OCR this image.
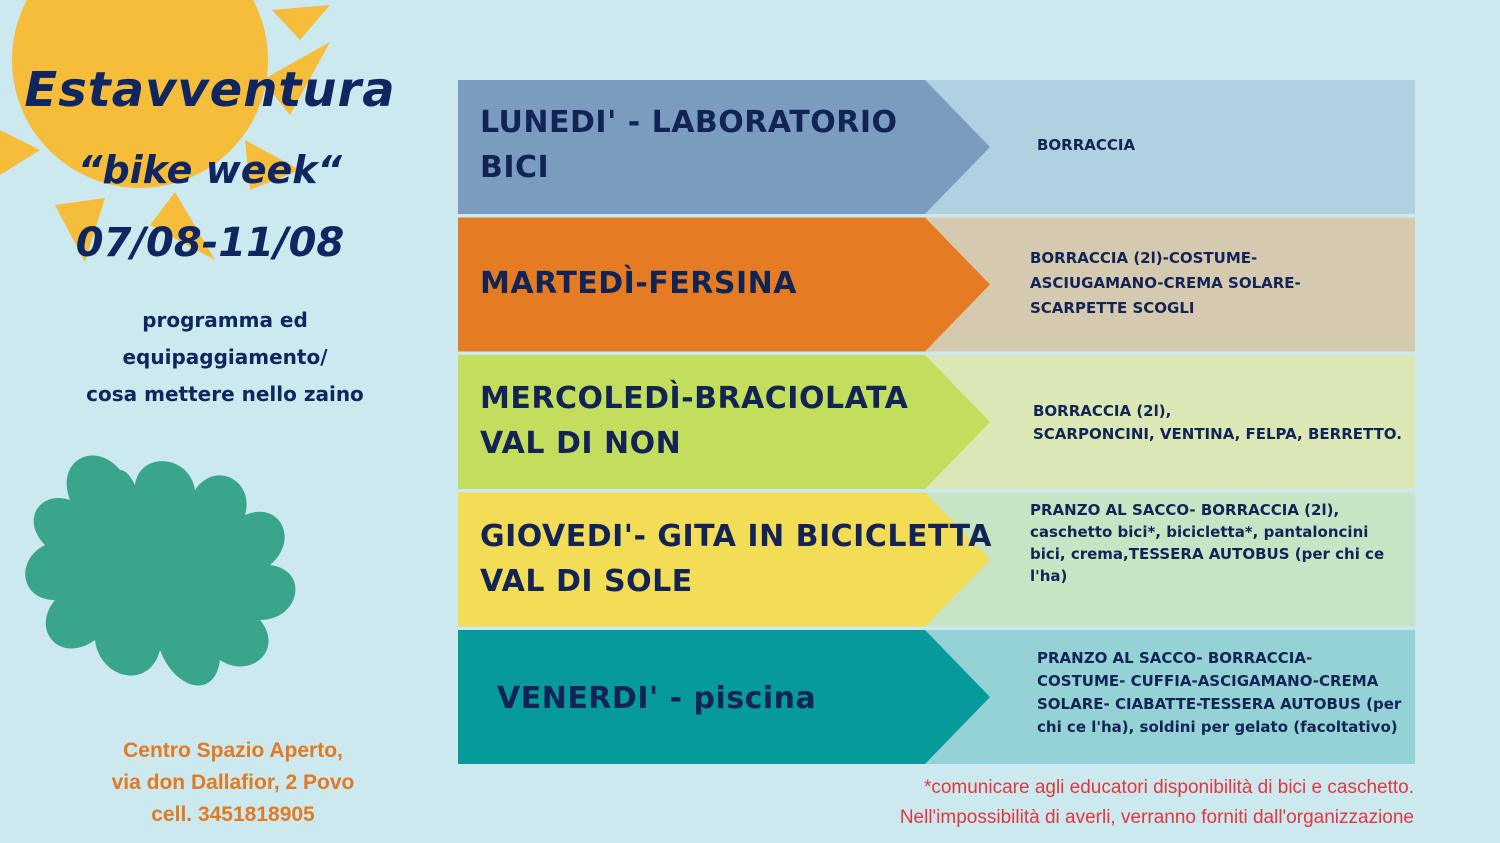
Estavventura
“bike week“
07/08-11/08
programma ed
equipaggiamento/
cosa mettere nello zaino
Centro Spazio Aperto,
via don Dallafior, 2 Povo
cell. 3451818905
LUNEDI' - LABORATORIO
BICI
MARTEDÌ-FERSINA
MERCOLEDÌ-BRACIOLATA
VAL DI NON
GIOVEDI'- GITA IN BICICLETTA
VAL DI SOLE
VENERDI' - piscina
BORRACCIA
BORRACCIA (2l)-COSTUME-
ASCIUGAMANO-CREMA SOLARE-
SCARPETTE SCOGLI
BORRACCIA (2l),
SCARPONCINI, VENTINA, FELPA, BERRETTO.
PRANZO AL SACCO- BORRACCIA (2l),
caschetto bici*, bicicletta*, pantaloncini
bici, crema,TESSERA AUTOBUS (per chi ce
l'ha)
PRANZO AL SACCO- BORRACCIA-
COSTUME- CUFFIA-ASCIGAMANO-CREMA
SOLARE- CIABATTE-TESSERA AUTOBUS (per
chi ce l'ha), soldini per gelato (facoltativo)
*comunicare agli educatori disponibilità di bici e caschetto.
Nell'impossibilità di averli, verranno forniti dall'organizzazione
